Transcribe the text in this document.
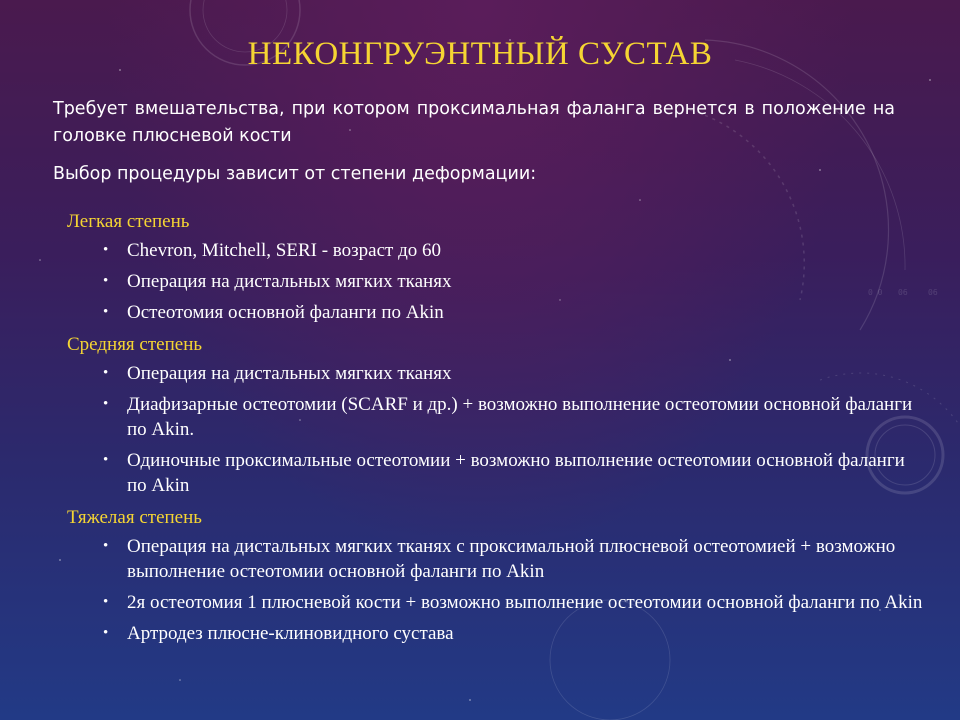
0 0 06	06
НЕКОНГРУЭНТНЫЙ СУСТАВ
Требует вмешательства, при котором проксимальная фаланга вернется в положение на головке плюсневой кости
Выбор процедуры зависит от степени деформации:
Легкая степень
• Chevron, Mitchell, SERI - возраст до 60
• Операция на дистальных мягких тканях
• Остеотомия основной фаланги по Akin
Средняя степень
• Операция на дистальных мягких тканях
• Диафизарные остеотомии (SCARF и др.) + возможно выполнение остеотомии основной фаланги по Akin.
• Одиночные проксимальные остеотомии + возможно выполнение остеотомии основной фаланги по Akin
Тяжелая степень
• Операция на дистальных мягких тканях с проксимальной плюсневой остеотомией + возможно выполнение остеотомии основной фаланги по Akin
• 2я остеотомия 1 плюсневой кости + возможно выполнение остеотомии основной фаланги по Akin
• Артродез плюсне-клиновидного сустава
